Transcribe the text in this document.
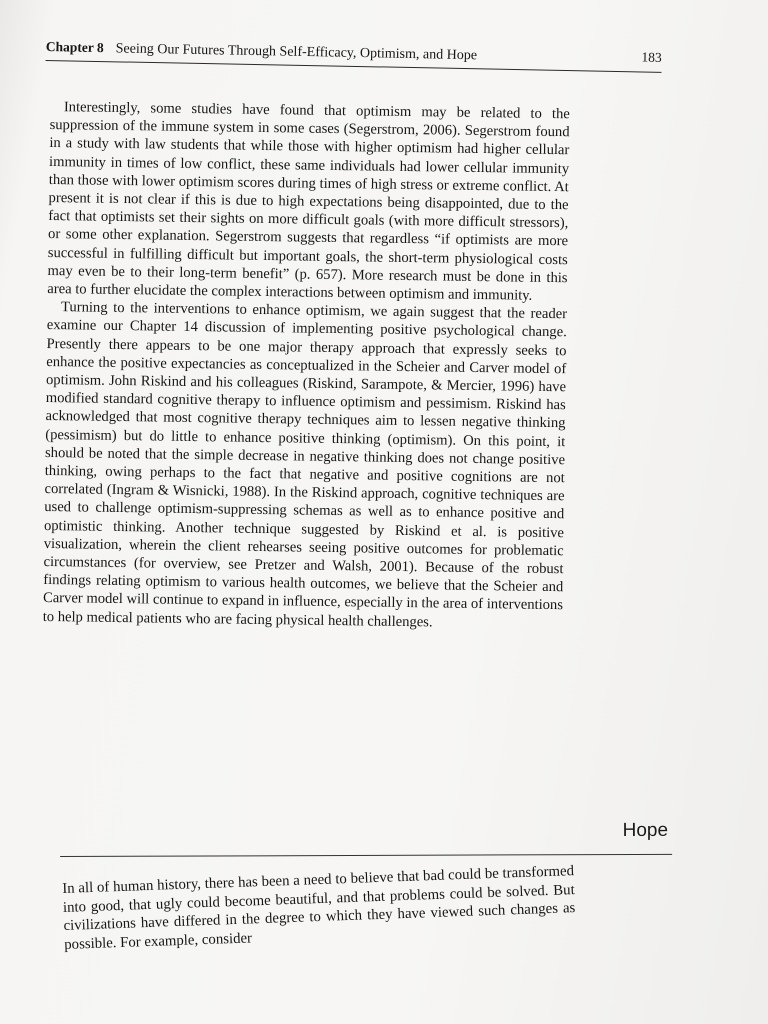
Chapter 8 Seeing Our Futures Through Self-Efficacy, Optimism, and Hope	183

Interestingly, some studies have found that optimism may be related to the suppression of the immune system in some cases (Segerstrom, 2006). Segerstrom found in a study with law students that while those with higher optimism had higher cellular immunity in times of low conflict, these same individuals had lower cellular immunity than those with lower optimism scores during times of high stress or extreme conflict. At present it is not clear if this is due to high expectations being disappointed, due to the fact that optimists set their sights on more difficult goals (with more difficult stressors), or some other explanation. Segerstrom suggests that regardless “if optimists are more successful in fulfilling difficult but important goals, the short-term physiological costs may even be to their long-term benefit” (p. 657). More research must be done in this area to further elucidate the complex interactions between optimism and immunity.

Turning to the interventions to enhance optimism, we again suggest that the reader examine our Chapter 14 discussion of implementing positive psychological change. Presently there appears to be one major therapy approach that expressly seeks to enhance the positive expectancies as conceptualized in the Scheier and Carver model of optimism. John Riskind and his colleagues (Riskind, Sarampote, & Mercier, 1996) have modified standard cognitive therapy to influence optimism and pessimism. Riskind has acknowledged that most cognitive therapy techniques aim to lessen negative thinking (pessimism) but do little to enhance positive thinking (optimism). On this point, it should be noted that the simple decrease in negative thinking does not change positive thinking, owing perhaps to the fact that negative and positive cognitions are not correlated (Ingram & Wisnicki, 1988). In the Riskind approach, cognitive techniques are used to challenge optimism-suppressing schemas as well as to enhance positive and optimistic thinking. Another technique suggested by Riskind et al. is positive visualization, wherein the client rehearses seeing positive outcomes for problematic circumstances (for overview, see Pretzer and Walsh, 2001). Because of the robust findings relating optimism to various health outcomes, we believe that the Scheier and Carver model will continue to expand in influence, especially in the area of interventions to help medical patients who are facing physical health challenges.

Hope

In all of human history, there has been a need to believe that bad could be transformed into good, that ugly could become beautiful, and that problems could be solved. But civilizations have differed in the degree to which they have viewed such changes as possible. For example, consider
